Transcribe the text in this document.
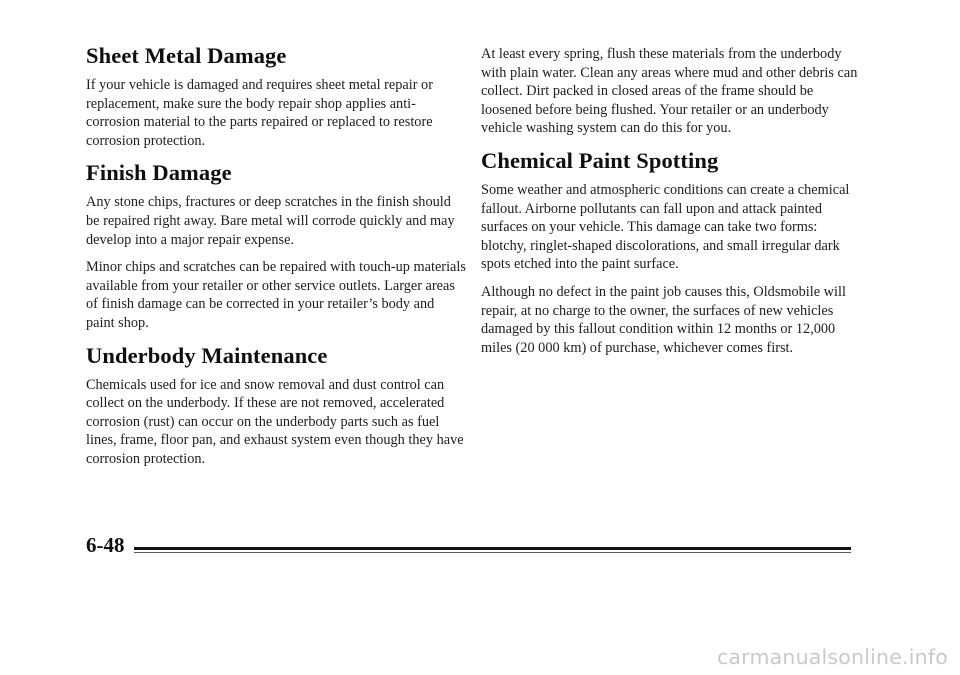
Sheet Metal Damage

If your vehicle is damaged and requires sheet metal repair or replacement, make sure the body repair shop applies anti-corrosion material to the parts repaired or replaced to restore corrosion protection.

Finish Damage

Any stone chips, fractures or deep scratches in the finish should be repaired right away. Bare metal will corrode quickly and may develop into a major repair expense.

Minor chips and scratches can be repaired with touch-up materials available from your retailer or other service outlets. Larger areas of finish damage can be corrected in your retailer’s body and paint shop.

Underbody Maintenance

Chemicals used for ice and snow removal and dust control can collect on the underbody. If these are not removed, accelerated corrosion (rust) can occur on the underbody parts such as fuel lines, frame, floor pan, and exhaust system even though they have corrosion protection.

At least every spring, flush these materials from the underbody with plain water. Clean any areas where mud and other debris can collect. Dirt packed in closed areas of the frame should be loosened before being flushed. Your retailer or an underbody vehicle washing system can do this for you.

Chemical Paint Spotting

Some weather and atmospheric conditions can create a chemical fallout. Airborne pollutants can fall upon and attack painted surfaces on your vehicle. This damage can take two forms: blotchy, ringlet-shaped discolorations, and small irregular dark spots etched into the paint surface.

Although no defect in the paint job causes this, Oldsmobile will repair, at no charge to the owner, the surfaces of new vehicles damaged by this fallout condition within 12 months or 12,000 miles (20 000 km) of purchase, whichever comes first.

6-48
carmanualsonline.info
